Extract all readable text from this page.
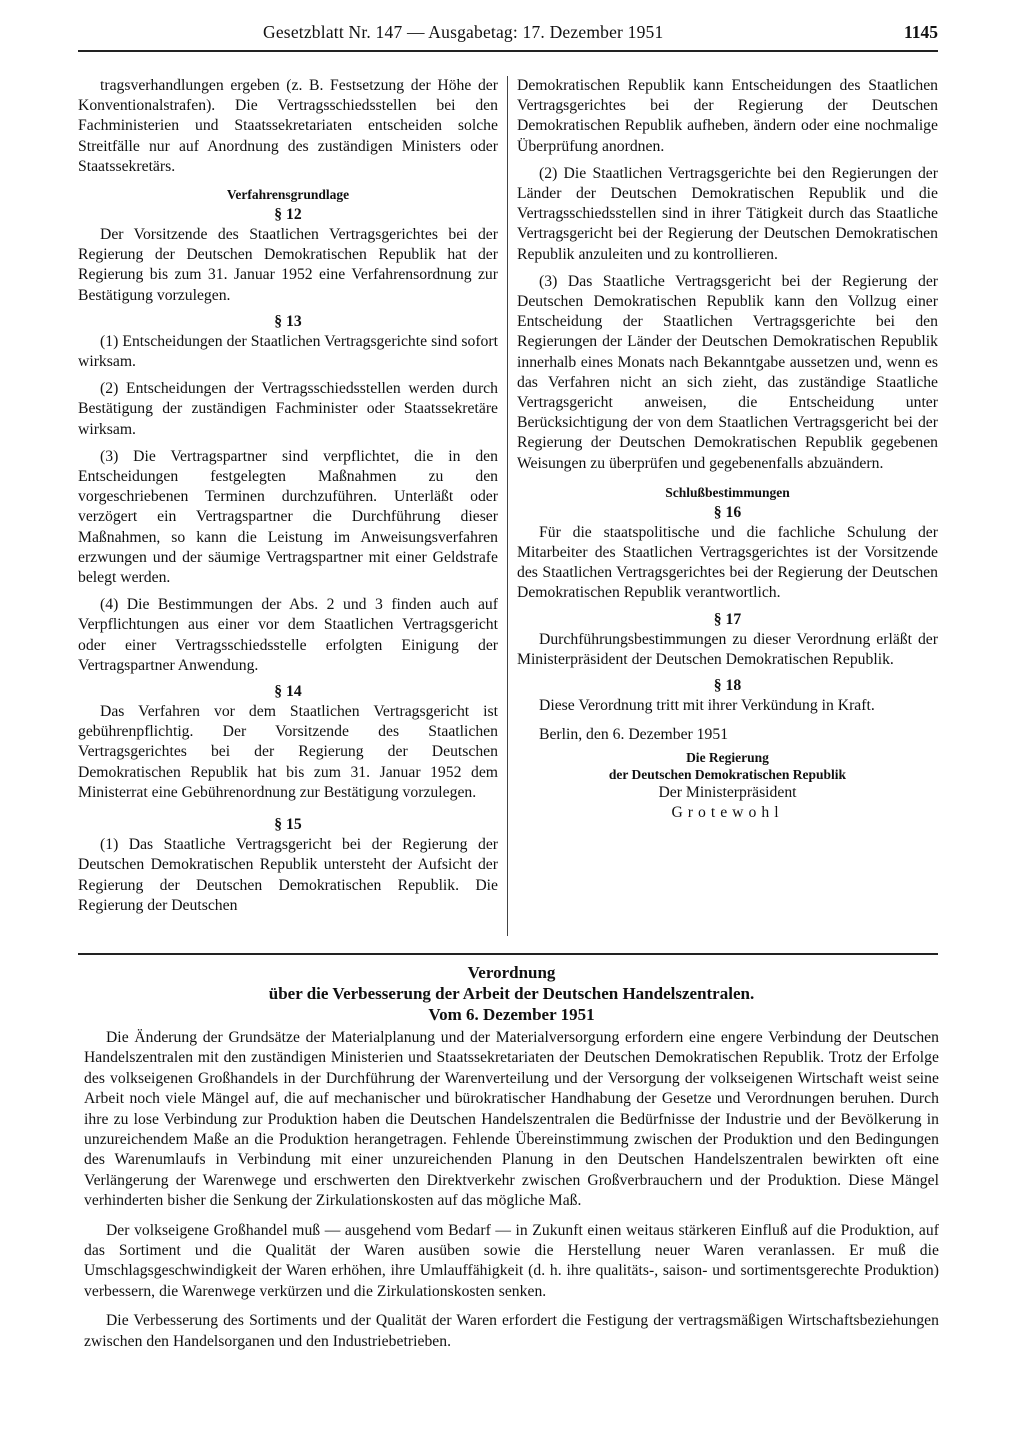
Gesetzblatt Nr. 147 — Ausgabetag: 17. Dezember 1951	1145

tragsverhandlungen ergeben (z. B. Festsetzung der Höhe der Konventionalstrafen). Die Vertragsschiedsstellen bei den Fachministerien und Staatssekretariaten entscheiden solche Streitfälle nur auf Anordnung des zuständigen Ministers oder Staatssekretärs.

Verfahrensgrundlage
§ 12

Der Vorsitzende des Staatlichen Vertragsgerichtes bei der Regierung der Deutschen Demokratischen Republik hat der Regierung bis zum 31. Januar 1952 eine Verfahrensordnung zur Bestätigung vorzulegen.

§ 13

(1) Entscheidungen der Staatlichen Vertragsgerichte sind sofort wirksam.

(2) Entscheidungen der Vertragsschiedsstellen werden durch Bestätigung der zuständigen Fachminister oder Staatssekretäre wirksam.

(3) Die Vertragspartner sind verpflichtet, die in den Entscheidungen festgelegten Maßnahmen zu den vorgeschriebenen Terminen durchzuführen. Unterläßt oder verzögert ein Vertragspartner die Durchführung dieser Maßnahmen, so kann die Leistung im Anweisungsverfahren erzwungen und der säumige Vertragspartner mit einer Geldstrafe belegt werden.

(4) Die Bestimmungen der Abs. 2 und 3 finden auch auf Verpflichtungen aus einer vor dem Staatlichen Vertragsgericht oder einer Vertragsschiedsstelle erfolgten Einigung der Vertragspartner Anwendung.

§ 14

Das Verfahren vor dem Staatlichen Vertragsgericht ist gebührenpflichtig. Der Vorsitzende des Staatlichen Vertragsgerichtes bei der Regierung der Deutschen Demokratischen Republik hat bis zum 31. Januar 1952 dem Ministerrat eine Gebührenordnung zur Bestätigung vorzulegen.

§ 15

(1) Das Staatliche Vertragsgericht bei der Regierung der Deutschen Demokratischen Republik untersteht der Aufsicht der Regierung der Deutschen Demokratischen Republik. Die Regierung der Deutschen

Demokratischen Republik kann Entscheidungen des Staatlichen Vertragsgerichtes bei der Regierung der Deutschen Demokratischen Republik aufheben, ändern oder eine nochmalige Überprüfung anordnen.

(2) Die Staatlichen Vertragsgerichte bei den Regierungen der Länder der Deutschen Demokratischen Republik und die Vertragsschiedsstellen sind in ihrer Tätigkeit durch das Staatliche Vertragsgericht bei der Regierung der Deutschen Demokratischen Republik anzuleiten und zu kontrollieren.

(3) Das Staatliche Vertragsgericht bei der Regierung der Deutschen Demokratischen Republik kann den Vollzug einer Entscheidung der Staatlichen Vertragsgerichte bei den Regierungen der Länder der Deutschen Demokratischen Republik innerhalb eines Monats nach Bekanntgabe aussetzen und, wenn es das Verfahren nicht an sich zieht, das zuständige Staatliche Vertragsgericht anweisen, die Entscheidung unter Berücksichtigung der von dem Staatlichen Vertragsgericht bei der Regierung der Deutschen Demokratischen Republik gegebenen Weisungen zu überprüfen und gegebenenfalls abzuändern.

Schlußbestimmungen
§ 16

Für die staatspolitische und die fachliche Schulung der Mitarbeiter des Staatlichen Vertragsgerichtes ist der Vorsitzende des Staatlichen Vertragsgerichtes bei der Regierung der Deutschen Demokratischen Republik verantwortlich.

§ 17

Durchführungsbestimmungen zu dieser Verordnung erläßt der Ministerpräsident der Deutschen Demokratischen Republik.

§ 18

Diese Verordnung tritt mit ihrer Verkündung in Kraft.

Berlin, den 6. Dezember 1951

Die Regierung
der Deutschen Demokratischen Republik
Der Ministerpräsident
Grotewohl
Verordnung
über die Verbesserung der Arbeit der Deutschen Handelszentralen.
Vom 6. Dezember 1951

Die Änderung der Grundsätze der Materialplanung und der Materialversorgung erfordern eine engere Verbindung der Deutschen Handelszentralen mit den zuständigen Ministerien und Staatssekretariaten der Deutschen Demokratischen Republik. Trotz der Erfolge des volkseigenen Großhandels in der Durchführung der Warenverteilung und der Versorgung der volkseigenen Wirtschaft weist seine Arbeit noch viele Mängel auf, die auf mechanischer und bürokratischer Handhabung der Gesetze und Verordnungen beruhen. Durch ihre zu lose Verbindung zur Produktion haben die Deutschen Handelszentralen die Bedürfnisse der Industrie und der Bevölkerung in unzureichendem Maße an die Produktion herangetragen. Fehlende Übereinstimmung zwischen der Produktion und den Bedingungen des Warenumlaufs in Verbindung mit einer unzureichenden Planung in den Deutschen Handelszentralen bewirkten oft eine Verlängerung der Warenwege und erschwerten den Direktverkehr zwischen Großverbrauchern und der Produktion. Diese Mängel verhinderten bisher die Senkung der Zirkulationskosten auf das mögliche Maß.

Der volkseigene Großhandel muß — ausgehend vom Bedarf — in Zukunft einen weitaus stärkeren Einfluß auf die Produktion, auf das Sortiment und die Qualität der Waren ausüben sowie die Herstellung neuer Waren veranlassen. Er muß die Umschlagsgeschwindigkeit der Waren erhöhen, ihre Umlauffähigkeit (d. h. ihre qualitäts-, saison- und sortimentsgerechte Produktion) verbessern, die Warenwege verkürzen und die Zirkulationskosten senken.

Die Verbesserung des Sortiments und der Qualität der Waren erfordert die Festigung der vertragsmäßigen Wirtschaftsbeziehungen zwischen den Handelsorganen und den Industriebetrieben.
